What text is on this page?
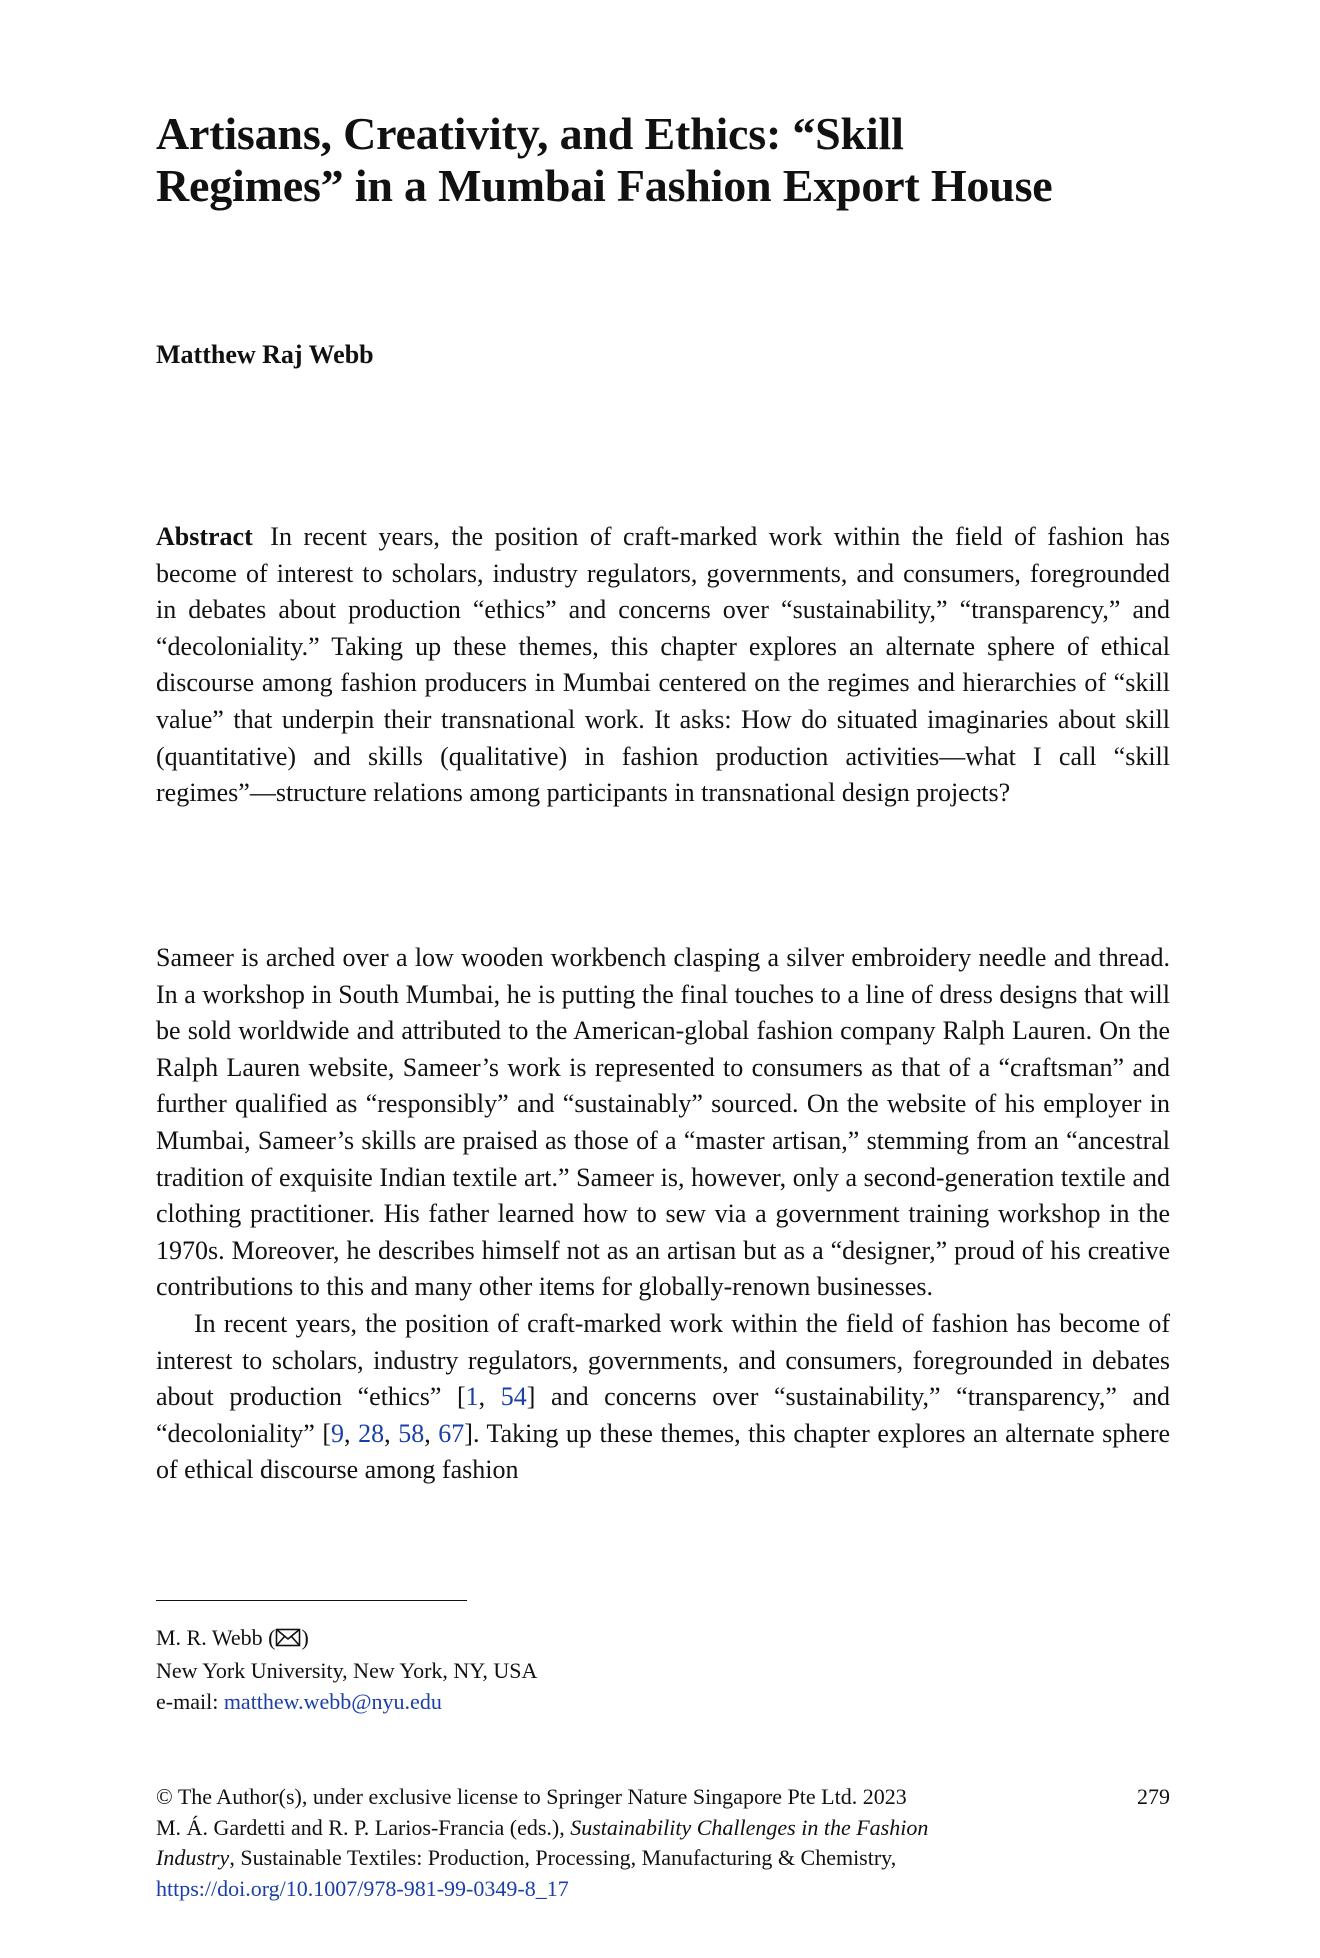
Artisans, Creativity, and Ethics: “Skill Regimes” in a Mumbai Fashion Export House

Matthew Raj Webb

Abstract In recent years, the position of craft-marked work within the field of fashion has become of interest to scholars, industry regulators, governments, and consumers, foregrounded in debates about production “ethics” and concerns over “sustainability,” “transparency,” and “decoloniality.” Taking up these themes, this chapter explores an alternate sphere of ethical discourse among fashion producers in Mumbai centered on the regimes and hierarchies of “skill value” that underpin their transnational work. It asks: How do situated imaginaries about skill (quantitative) and skills (qualitative) in fashion production activities—what I call “skill regimes”—structure relations among participants in transnational design projects?

Sameer is arched over a low wooden workbench clasping a silver embroidery needle and thread. In a workshop in South Mumbai, he is putting the final touches to a line of dress designs that will be sold worldwide and attributed to the American-global fashion company Ralph Lauren. On the Ralph Lauren website, Sameer’s work is represented to consumers as that of a “craftsman” and further qualified as “responsibly” and “sustainably” sourced. On the website of his employer in Mumbai, Sameer’s skills are praised as those of a “master artisan,” stemming from an “ancestral tradition of exquisite Indian textile art.” Sameer is, however, only a second-generation textile and clothing practitioner. His father learned how to sew via a government training workshop in the 1970s. Moreover, he describes himself not as an artisan but as a “designer,” proud of his creative contributions to this and many other items for globally-renown businesses.

In recent years, the position of craft-marked work within the field of fashion has become of interest to scholars, industry regulators, governments, and consumers, foregrounded in debates about production “ethics” [1, 54] and concerns over “sustainability,” “transparency,” and “decoloniality” [9, 28, 58, 67]. Taking up these themes, this chapter explores an alternate sphere of ethical discourse among fashion

M. R. Webb ( )
New York University, New York, NY, USA
e-mail: matthew.webb@nyu.edu
© The Author(s), under exclusive license to Springer Nature Singapore Pte Ltd. 2023
M. Á. Gardetti and R. P. Larios-Francia (eds.), Sustainability Challenges in the Fashion
Industry, Sustainable Textiles: Production, Processing, Manufacturing & Chemistry,
https://doi.org/10.1007/978-981-99-0349-8_17
279
